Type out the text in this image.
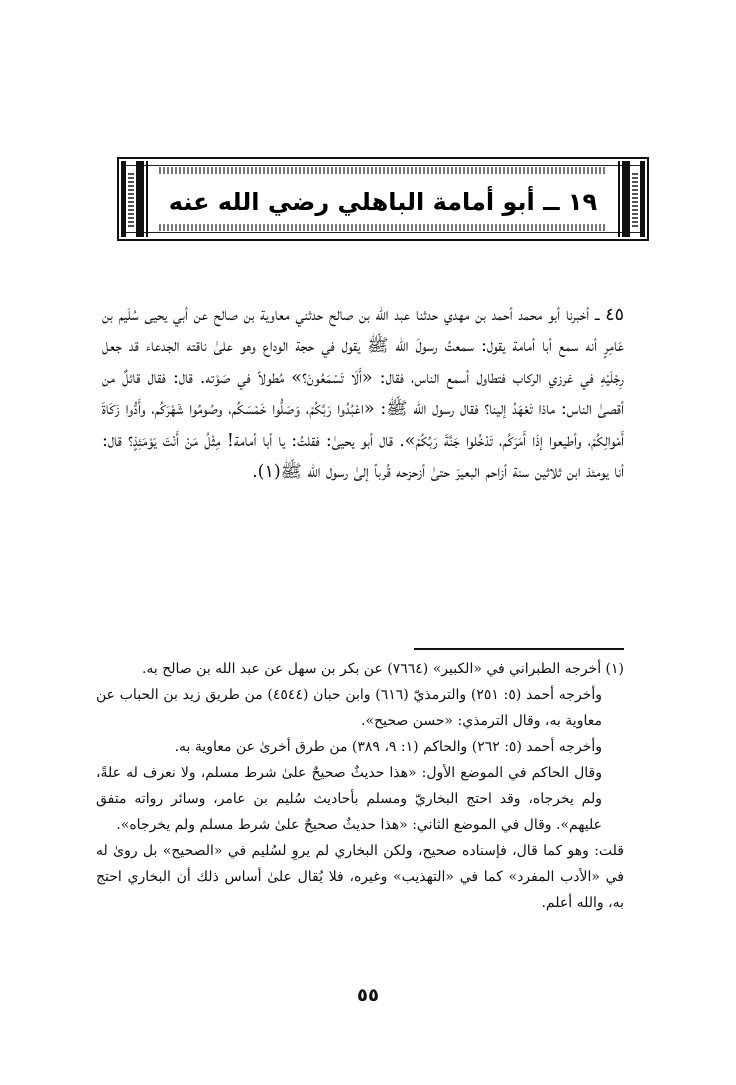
١٩ ــ أبو أمامة الباهلي رضي الله عنه
٤٥ ــ أخبرنا أبو محمد أحمد بن مهدي حدثنا عبد الله بن صالح حدثني معاوية بن صالح عن أبي يحيى سُلَيم بن عَامِرٍ أنه سمع أبا أمامة يقول: سمعتُ رسولَ الله ﷺ يقول في حجة الوداع وهو علىٰ ناقته الجدعاء قد جعل رِجْلَيْهِ في غرزي الركاب فتطاول أسمع الناس، فقال: «أَلَا تَسْمَعُونَ؟» مُطولاً في صَوْته. قال: فقال قائلٌ من أقصىٰ الناس: ماذا تَعْهَدُ إلينا؟ فقال رسول الله ﷺ: «اعْبُدُوا رَبَّكُمْ، وَصَلُّوا خَمْسَكُم، وصُومُوا شَهْرَكُم، وأَدُّوا زَكَاةَ أَمْوالِكُمْ، وأطيعوا إذَا أَمَرَكُم، تَدْخُلوا جَنَّةَ رَبِّكُمْ». قال أبو يحيىٰ: فقلتُ: يا أبا أمامة! مِثْلُ مَنْ أَنْتَ يَوْمَئِذٍ؟ قال: أنا يومئذ ابن ثلاثين سنة أزاحم البعيرَ حتىٰ أزحزحه قُرباً إلىٰ رسول الله ﷺ(١).

(١) أخرجه الطبراني في «الكبير» (٧٦٦٤) عن بكر بن سهل عن عبد الله بن صالح به.

وأخرجه أحمد (٥: ٢٥١) والترمذيّ (٦١٦) وابن حبان (٤٥٤٤) من طريق زيد بن الحباب عن معاوية به، وقال الترمذي: «حسن صحيح».

وأخرجه أحمد (٥: ٢٦٢) والحاكم (١: ٩، ٣٨٩) من طرق أخرىٰ عن معاوية به.

وقال الحاكم في الموضع الأول: «هذا حديثٌ صحيحٌ علىٰ شرط مسلم، ولا نعرف له علةً، ولم يخرجاه، وقد احتج البخاريّ ومسلم بأحاديث سُليم بن عامر، وسائر رواته متفق عليهم». وقال في الموضع الثاني: «هذا حديثٌ صحيحٌ علىٰ شرط مسلم ولم يخرجاه».

قلت: وهو كما قال، فإسناده صحيح، ولكن البخاري لم يروِ لسُليم في «الصحيح» بل روىٰ له في «الأدب المفرد» كما في «التهذيب» وغيره، فلا يُقال علىٰ أساس ذلك أن البخاري احتج به، والله أعلم.

٥٥
